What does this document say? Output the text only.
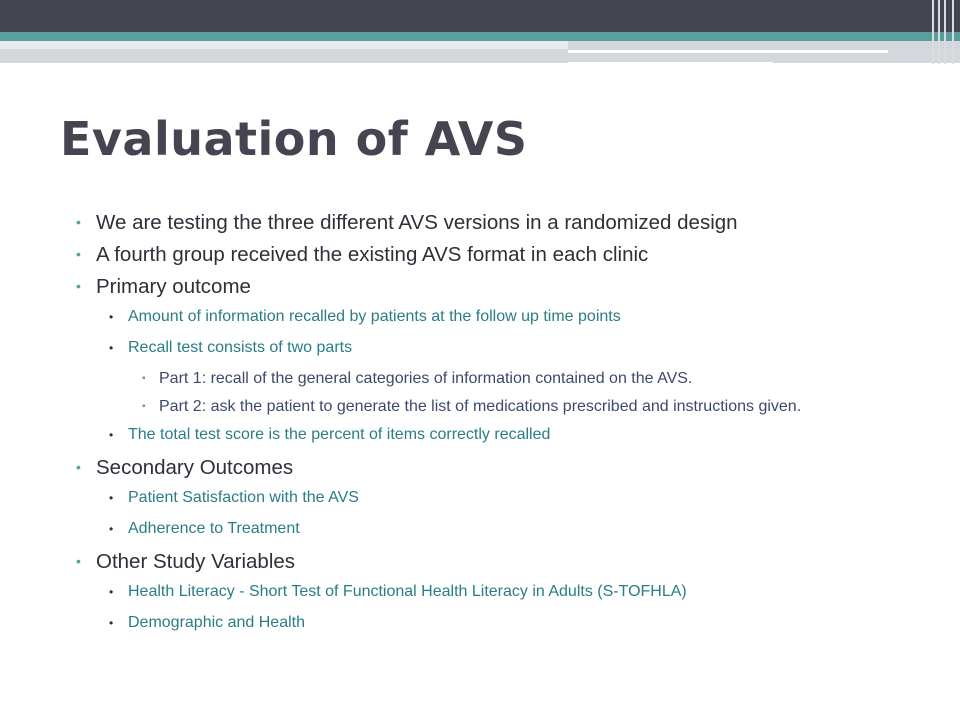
Evaluation of AVS
• We are testing the three different AVS versions in a randomized design
• A fourth group received the existing AVS format in each clinic
• Primary outcome
• Amount of information recalled by patients at the follow up time points
• Recall test consists of two parts
▪ Part 1: recall of the general categories of information contained on the AVS.
▪ Part 2: ask the patient to generate the list of medications prescribed and instructions given.
• The total test score is the percent of items correctly recalled
• Secondary Outcomes
• Patient Satisfaction with the AVS
• Adherence to Treatment
• Other Study Variables
• Health Literacy - Short Test of Functional Health Literacy in Adults (S-TOFHLA)
• Demographic and Health
